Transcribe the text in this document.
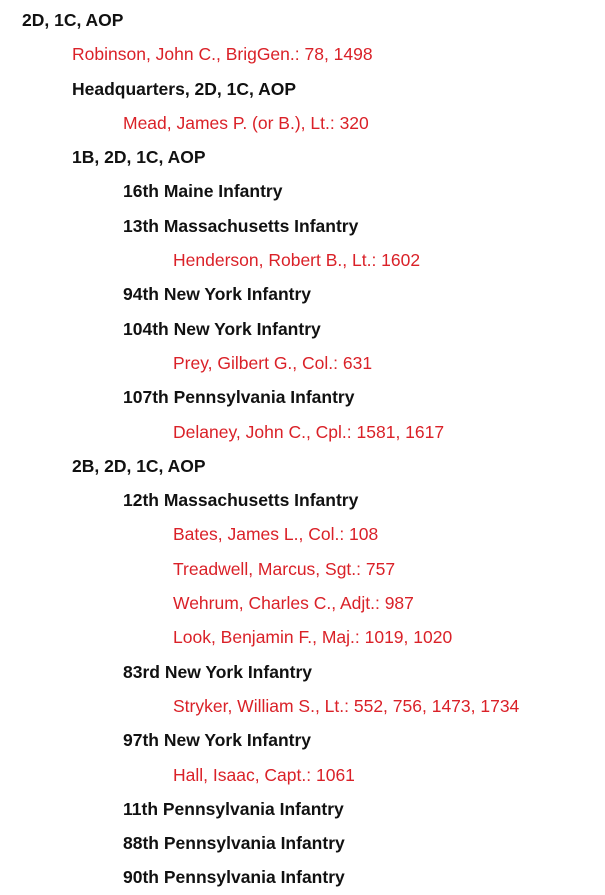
2D, 1C, AOP
Robinson, John C., BrigGen.: 78, 1498
Headquarters, 2D, 1C, AOP
Mead, James P. (or B.), Lt.: 320
1B, 2D, 1C, AOP
16th Maine Infantry
13th Massachusetts Infantry
Henderson, Robert B., Lt.: 1602
94th New York Infantry
104th New York Infantry
Prey, Gilbert G., Col.: 631
107th Pennsylvania Infantry
Delaney, John C., Cpl.: 1581, 1617
2B, 2D, 1C, AOP
12th Massachusetts Infantry
Bates, James L., Col.: 108
Treadwell, Marcus, Sgt.: 757
Wehrum, Charles C., Adjt.: 987
Look, Benjamin F., Maj.: 1019, 1020
83rd New York Infantry
Stryker, William S., Lt.: 552, 756, 1473, 1734
97th New York Infantry
Hall, Isaac, Capt.: 1061
11th Pennsylvania Infantry
88th Pennsylvania Infantry
90th Pennsylvania Infantry
